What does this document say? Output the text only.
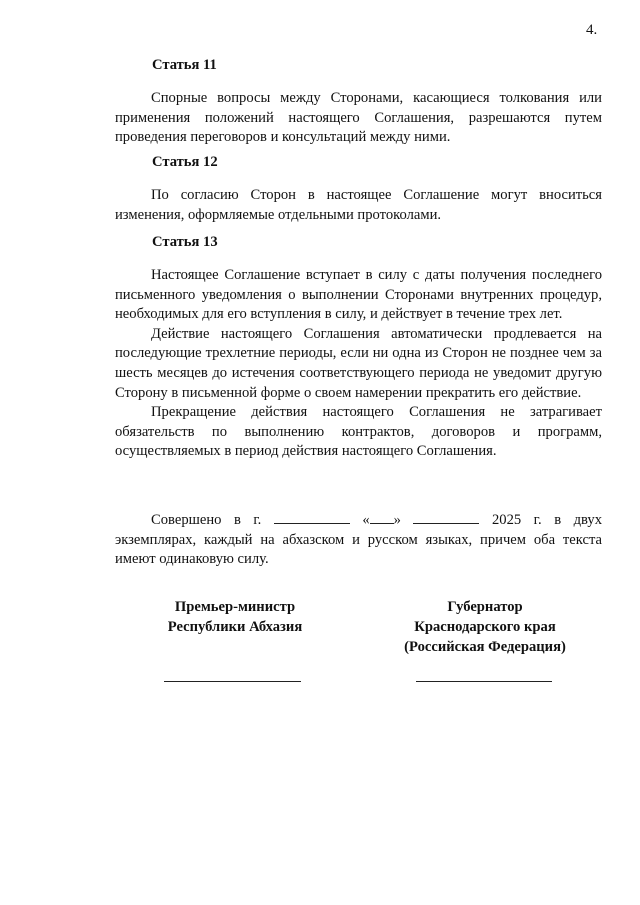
4.
Статья 11

Спорные вопросы между Сторонами, касающиеся толкования или применения положений настоящего Соглашения, разрешаются путем проведения переговоров и консультаций между ними.

Статья 12

По согласию Сторон в настоящее Соглашение могут вноситься изменения, оформляемые отдельными протоколами.

Статья 13

Настоящее Соглашение вступает в силу с даты получения последнего письменного уведомления о выполнении Сторонами внутренних процедур, необходимых для его вступления в силу, и действует в течение трех лет.

Действие настоящего Соглашения автоматически продлевается на последующие трехлетние периоды, если ни одна из Сторон не позднее чем за шесть месяцев до истечения соответствующего периода не уведомит другую Сторону в письменной форме о своем намерении прекратить его действие.

Прекращение действия настоящего Соглашения не затрагивает обязательств по выполнению контрактов, договоров и программ, осуществляемых в период действия настоящего Соглашения.

Совершено в г.	« »	2025 г. в двух
экземплярах, каждый на абхазском и русском языках, причем оба текста имеют одинаковую силу.
Премьер-министр
Республики Абхазия
Губернатор
Краснодарского края
(Российская Федерация)
